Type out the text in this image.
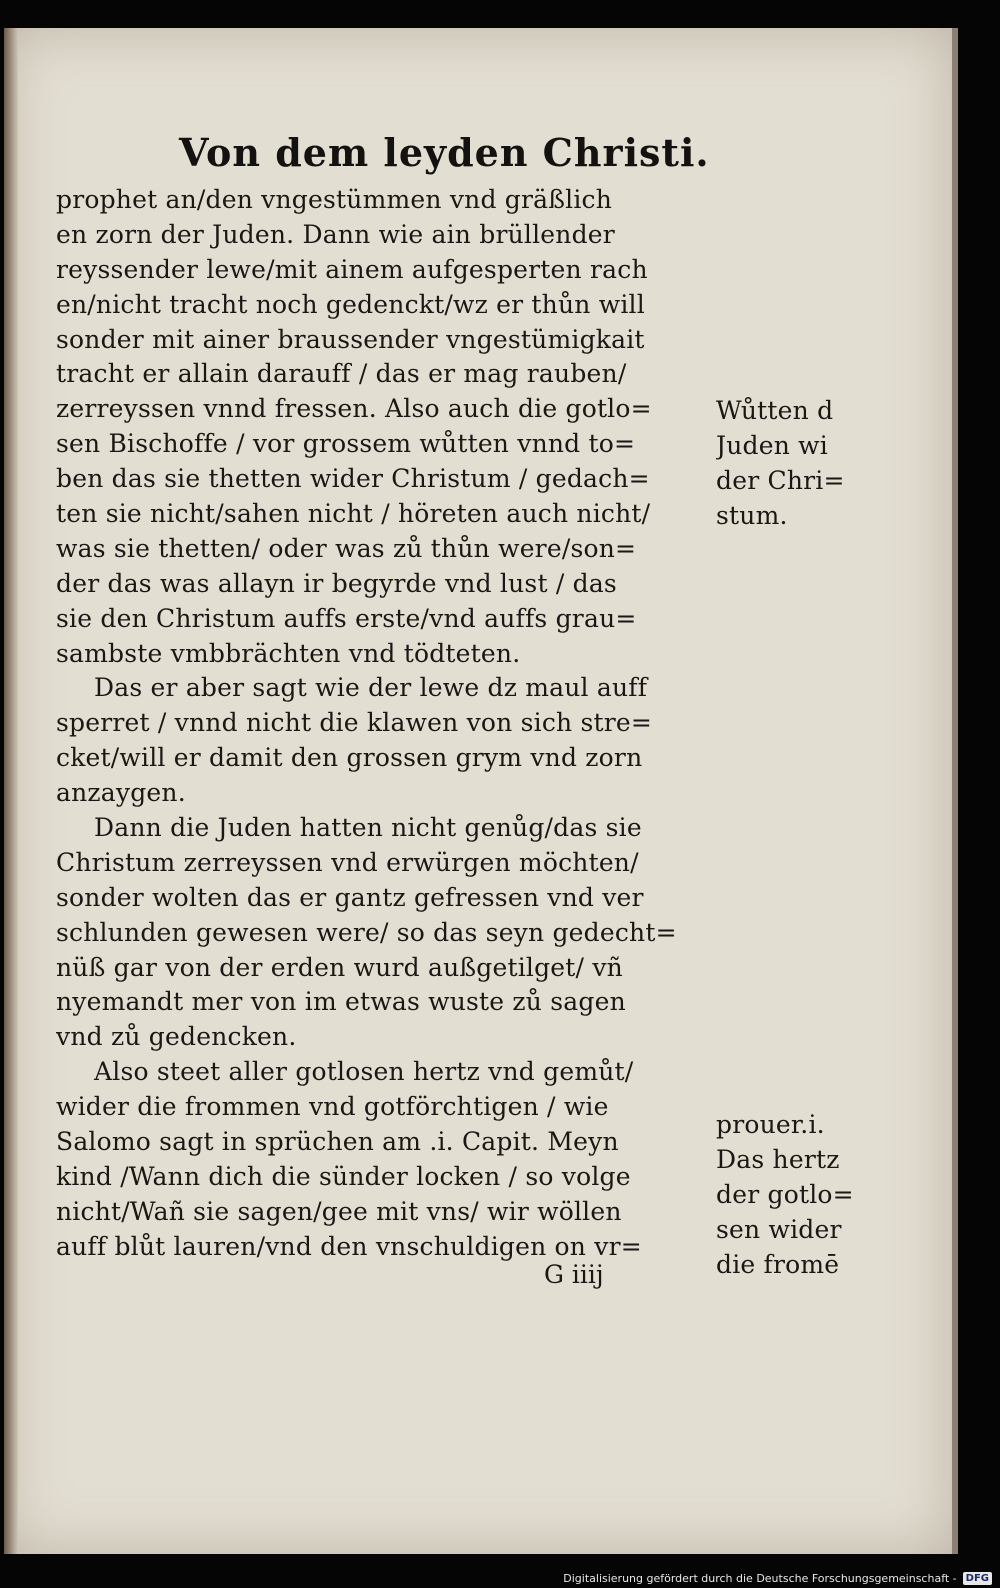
Von dem leyden Christi.
prophet an/den vngestümmen vnd gräßlich
en zorn der Juden. Dann wie ain brüllender
reyssender lewe/mit ainem aufgesperten rach
en/nicht tracht noch gedenckt/wz er thůn will
sonder mit ainer braussender vngestümigkait
tracht er allain darauff / das er mag rauben/
zerreyssen vnnd fressen. Also auch die gotlo=
sen Bischoffe / vor grossem wůtten vnnd to=
ben das sie thetten wider Christum / gedach=
ten sie nicht/sahen nicht / höreten auch nicht/
was sie thetten/ oder was zů thůn were/son=
der das was allayn ir begyrde vnd lust / das
sie den Christum auffs erste/vnd auffs grau=
sambste vmbbrächten vnd tödteten.
Das er aber sagt wie der lewe dz maul auff
sperret / vnnd nicht die klawen von sich stre=
cket/will er damit den grossen grym vnd zorn
anzaygen.
Dann die Juden hatten nicht genůg/das sie
Christum zerreyssen vnd erwürgen möchten/
sonder wolten das er gantz gefressen vnd ver
schlunden gewesen were/ so das seyn gedecht=
nüß gar von der erden wurd außgetilget/ vñ
nyemandt mer von im etwas wuste zů sagen
vnd zů gedencken.
Also steet aller gotlosen hertz vnd gemůt/
wider die frommen vnd gotförchtigen / wie
Salomo sagt in sprüchen am .i. Capit. Meyn
kind /Wann dich die sünder locken / so volge
nicht/Wañ sie sagen/gee mit vns/ wir wöllen
auff blůt lauren/vnd den vnschuldigen on vr=
Wůtten d
Juden wi
der Chri=
stum.
prouer.i.
Das hertz
der gotlo=
sen wider
die fromē
G iiij
Digitalisierung gefördert durch die Deutsche Forschungsgemeinschaft - DFG
